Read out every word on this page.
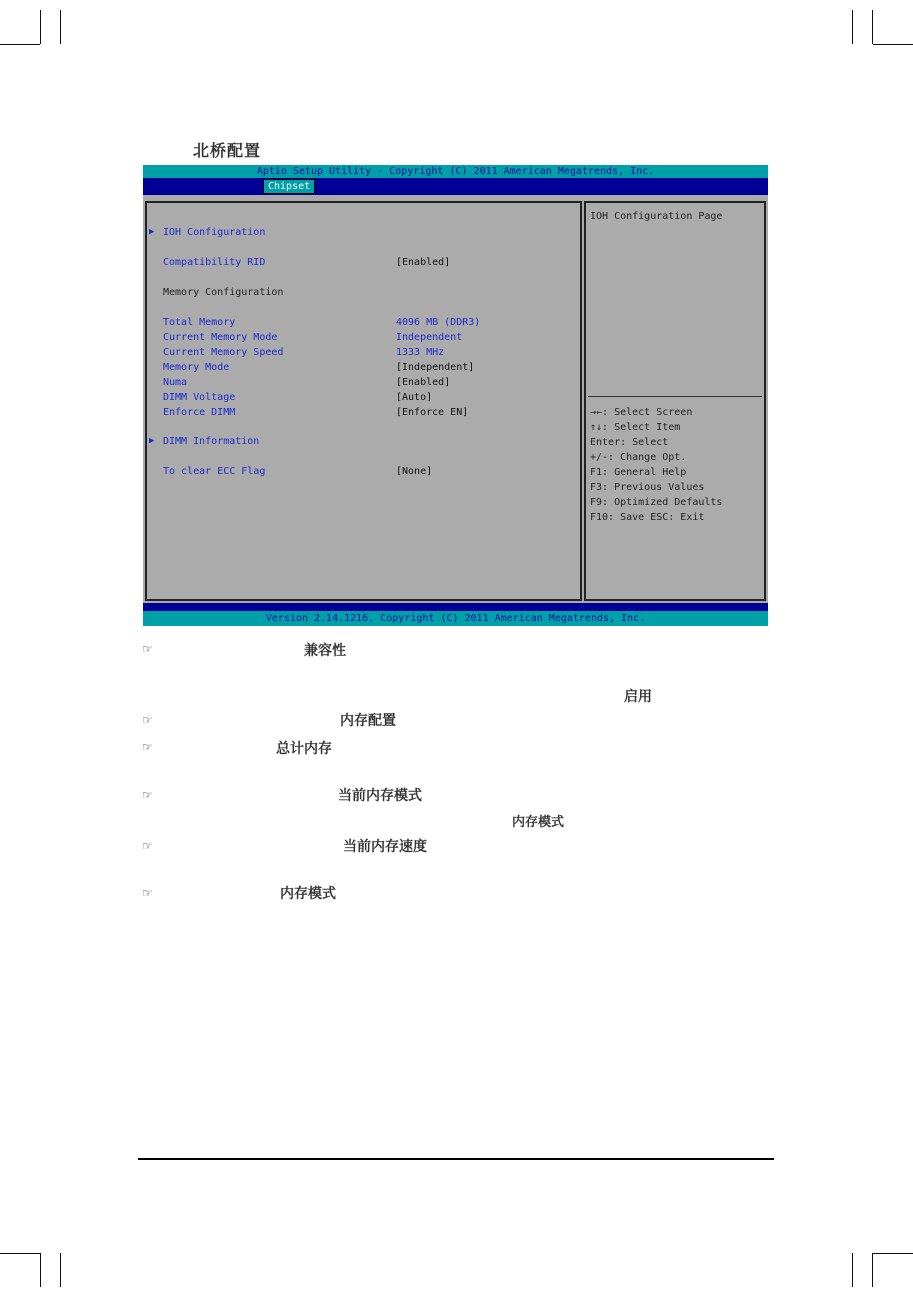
北桥配置
Aptio Setup Utility - Copyright (C) 2011 American Megatrends, Inc.
Chipset
▶ IOH Configuration
Compatibility RID	[Enabled]
Memory Configuration
Total Memory	4096 MB (DDR3)
Current Memory Mode	Independent
Current Memory Speed	1333 MHz
Memory Mode	[Independent]
Numa	[Enabled]
DIMM Voltage	[Auto]
Enforce DIMM	[Enforce EN]
▶ DIMM Information
To clear ECC Flag	[None]
IOH Configuration Page
→←: Select Screen
↑↓: Select Item
Enter: Select
+/-: Change Opt.
F1: General Help
F3: Previous Values
F9: Optimized Defaults
F10: Save ESC: Exit
Version 2.14.1216. Copyright (C) 2011 American Megatrends, Inc.
☞	兼容性
启用
☞	内存配置
☞	总计内存
☞	当前内存模式
内存模式
☞	当前内存速度
☞	内存模式
